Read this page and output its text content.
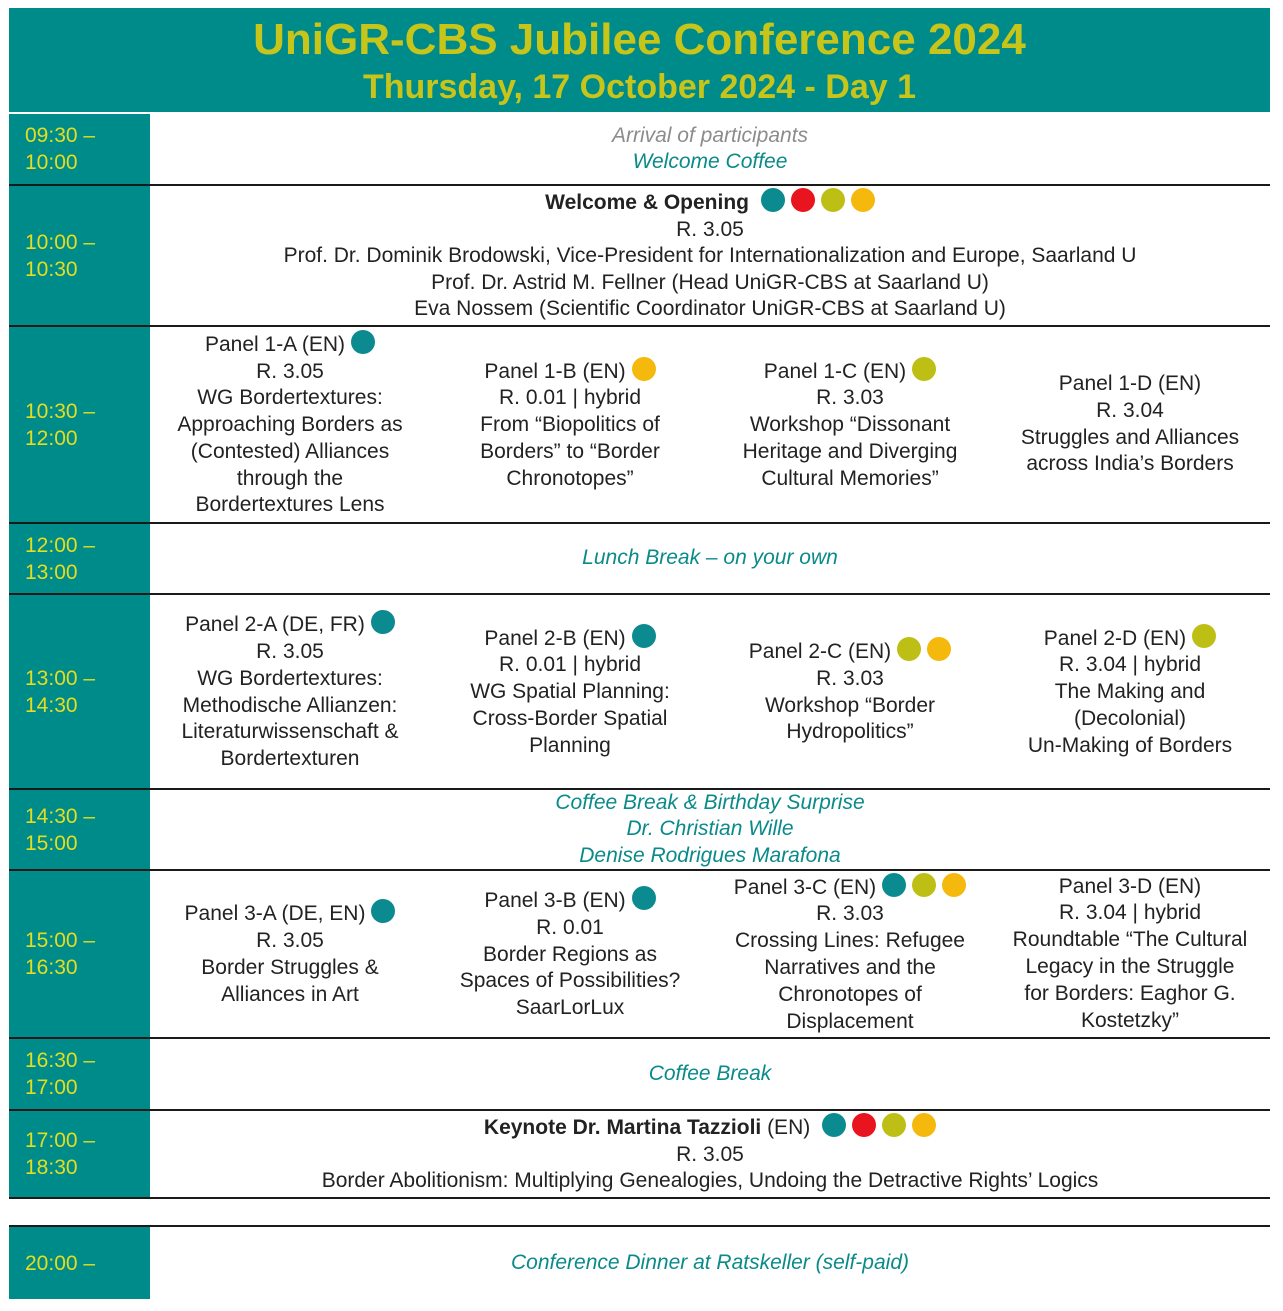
UniGR-CBS Jubilee Conference 2024
Thursday, 17 October 2024 - Day 1
09:30 –
10:00
Arrival of participants
Welcome Coffee
10:00 –
10:30
Welcome & Opening
R. 3.05
Prof. Dr. Dominik Brodowski, Vice-President for Internationalization and Europe, Saarland U
Prof. Dr. Astrid M. Fellner (Head UniGR-CBS at Saarland U)
Eva Nossem (Scientific Coordinator UniGR-CBS at Saarland U)
10:30 –
12:00
Panel 1-A (EN)
R. 3.05
WG Bordertextures:
Approaching Borders as
(Contested) Alliances
through the
Bordertextures Lens
Panel 1-B (EN)
R. 0.01 | hybrid
From “Biopolitics of
Borders” to “Border
Chronotopes”
Panel 1-C (EN)
R. 3.03
Workshop “Dissonant
Heritage and Diverging
Cultural Memories”
Panel 1-D (EN)
R. 3.04
Struggles and Alliances
across India’s Borders
12:00 –
13:00
Lunch Break – on your own
13:00 –
14:30
Panel 2-A (DE, FR)
R. 3.05
WG Bordertextures:
Methodische Allianzen:
Literaturwissenschaft &
Bordertexturen
Panel 2-B (EN)
R. 0.01 | hybrid
WG Spatial Planning:
Cross-Border Spatial
Planning
Panel 2-C (EN)
R. 3.03
Workshop “Border
Hydropolitics”
Panel 2-D (EN)
R. 3.04 | hybrid
The Making and
(Decolonial)
Un-Making of Borders
14:30 –
15:00
Coffee Break & Birthday Surprise
Dr. Christian Wille
Denise Rodrigues Marafona
15:00 –
16:30
Panel 3-A (DE, EN)
R. 3.05
Border Struggles &
Alliances in Art
Panel 3-B (EN)
R. 0.01
Border Regions as
Spaces of Possibilities?
SaarLorLux
Panel 3-C (EN)
R. 3.03
Crossing Lines: Refugee
Narratives and the
Chronotopes of
Displacement
Panel 3-D (EN)
R. 3.04 | hybrid
Roundtable “The Cultural
Legacy in the Struggle
for Borders: Eaghor G.
Kostetzky”
16:30 –
17:00
Coffee Break
17:00 –
18:30
Keynote Dr. Martina Tazzioli (EN)
R. 3.05
Border Abolitionism: Multiplying Genealogies, Undoing the Detractive Rights’ Logics
20:00 –	Conference Dinner at Ratskeller (self-paid)
